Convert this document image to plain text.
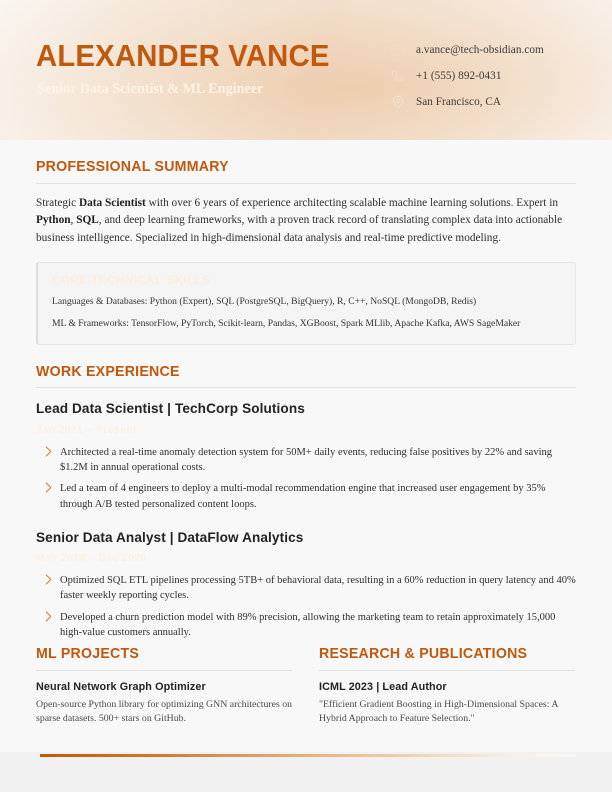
ALEXANDER VANCE
Senior Data Scientist & ML Engineer
a.vance@tech-obsidian.com
+1 (555) 892-0431
San Francisco, CA
PROFESSIONAL SUMMARY

Strategic Data Scientist with over 6 years of experience architecting scalable machine learning solutions. Expert in Python, SQL, and deep learning frameworks, with a proven track record of translating complex data into actionable business intelligence. Specialized in high-dimensional data analysis and real-time predictive modeling.

CORE TECHNICAL SKILLS
Languages & Databases: Python (Expert), SQL (PostgreSQL, BigQuery), R, C++, NoSQL (MongoDB, Redis)
ML & Frameworks: TensorFlow, PyTorch, Scikit-learn, Pandas, XGBoost, Spark MLlib, Apache Kafka, AWS SageMaker
WORK EXPERIENCE
Lead Data Scientist | TechCorp Solutions
Jan 2021 – Present
Architected a real-time anomaly detection system for 50M+ daily events, reducing false positives by 22% and saving $1.2M in annual operational costs.
Led a team of 4 engineers to deploy a multi-modal recommendation engine that increased user engagement by 35% through A/B tested personalized content loops.
Senior Data Analyst | DataFlow Analytics
May 2018 – Dec 2020
Optimized SQL ETL pipelines processing 5TB+ of behavioral data, resulting in a 60% reduction in query latency and 40% faster weekly reporting cycles.
Developed a churn prediction model with 89% precision, allowing the marketing team to retain approximately 15,000 high-value customers annually.
ML PROJECTS
Neural Network Graph Optimizer

Open-source Python library for optimizing GNN architectures on sparse datasets. 500+ stars on GitHub.

RESEARCH & PUBLICATIONS
ICML 2023 | Lead Author

"Efficient Gradient Boosting in High-Dimensional Spaces: A Hybrid Approach to Feature Selection."
